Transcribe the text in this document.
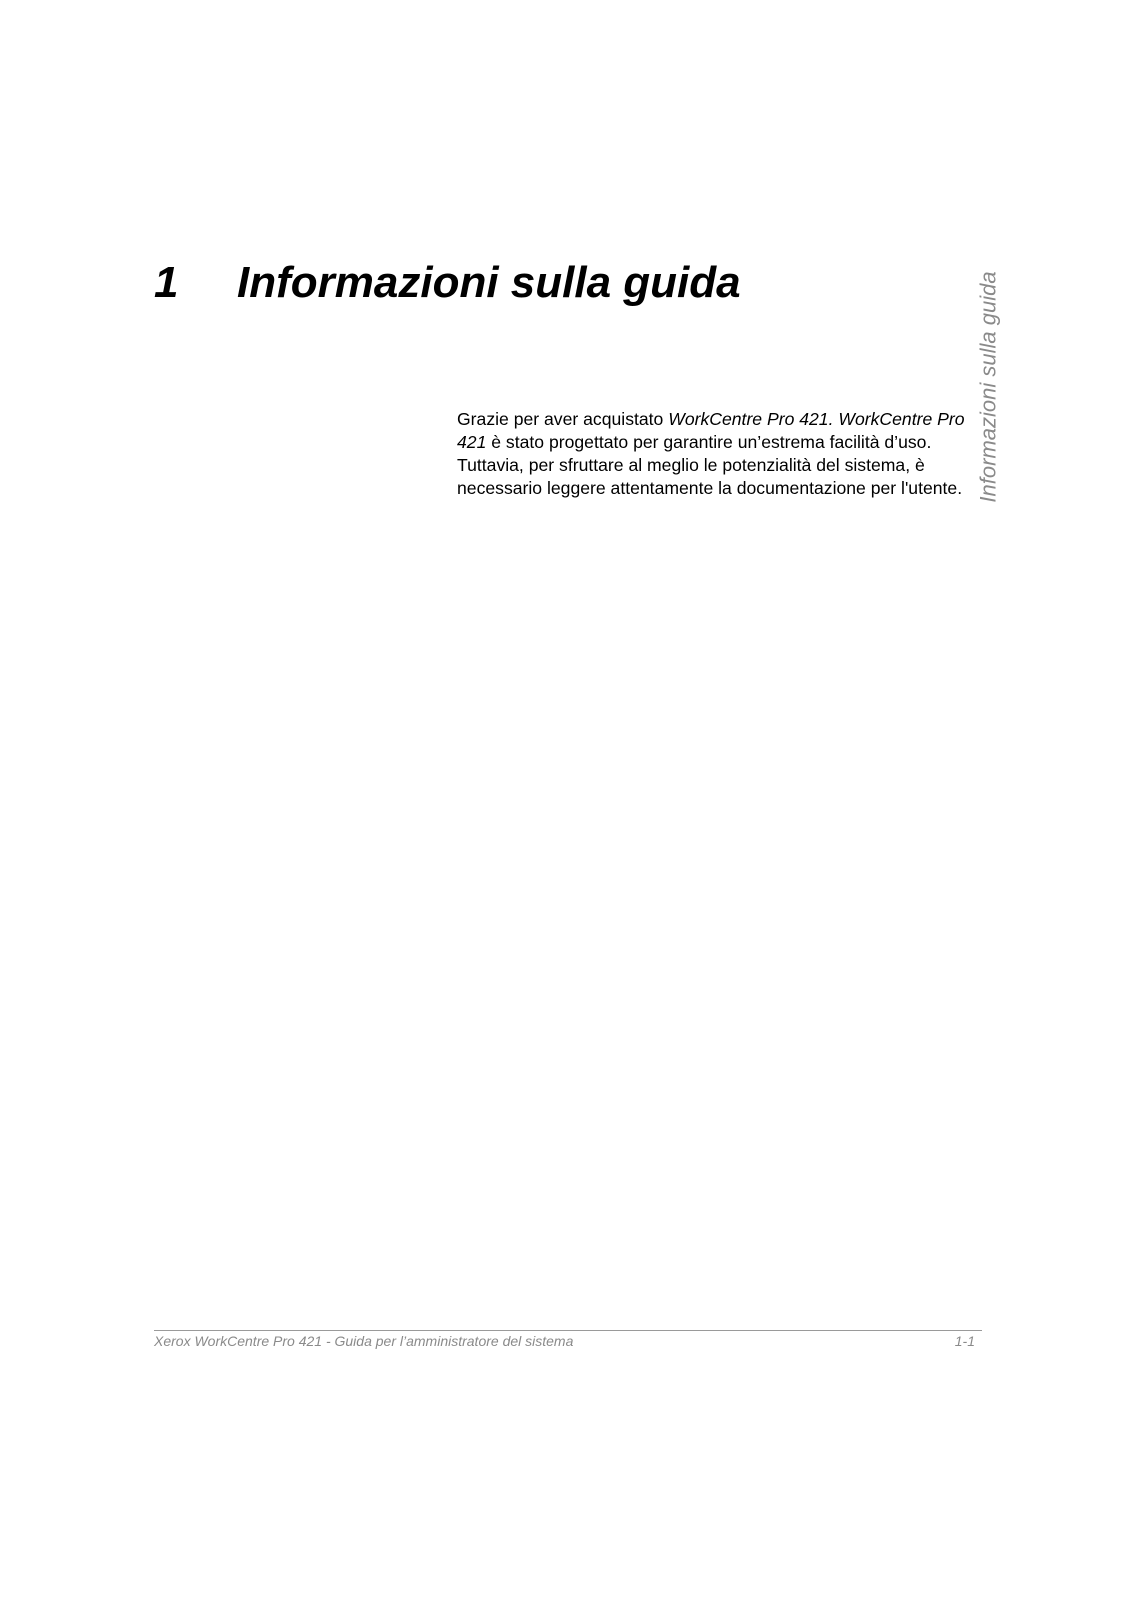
1 Informazioni sulla guida	Informazioni sulla guida

Grazie per aver acquistato WorkCentre Pro 421. WorkCentre Pro 421 è stato progettato per garantire un’estrema facilità d’uso. Tuttavia, per sfruttare al meglio le potenzialità del sistema, è necessario leggere attentamente la documentazione per l'utente.

Xerox WorkCentre Pro 421 - Guida per l’amministratore del sistema	1-1
